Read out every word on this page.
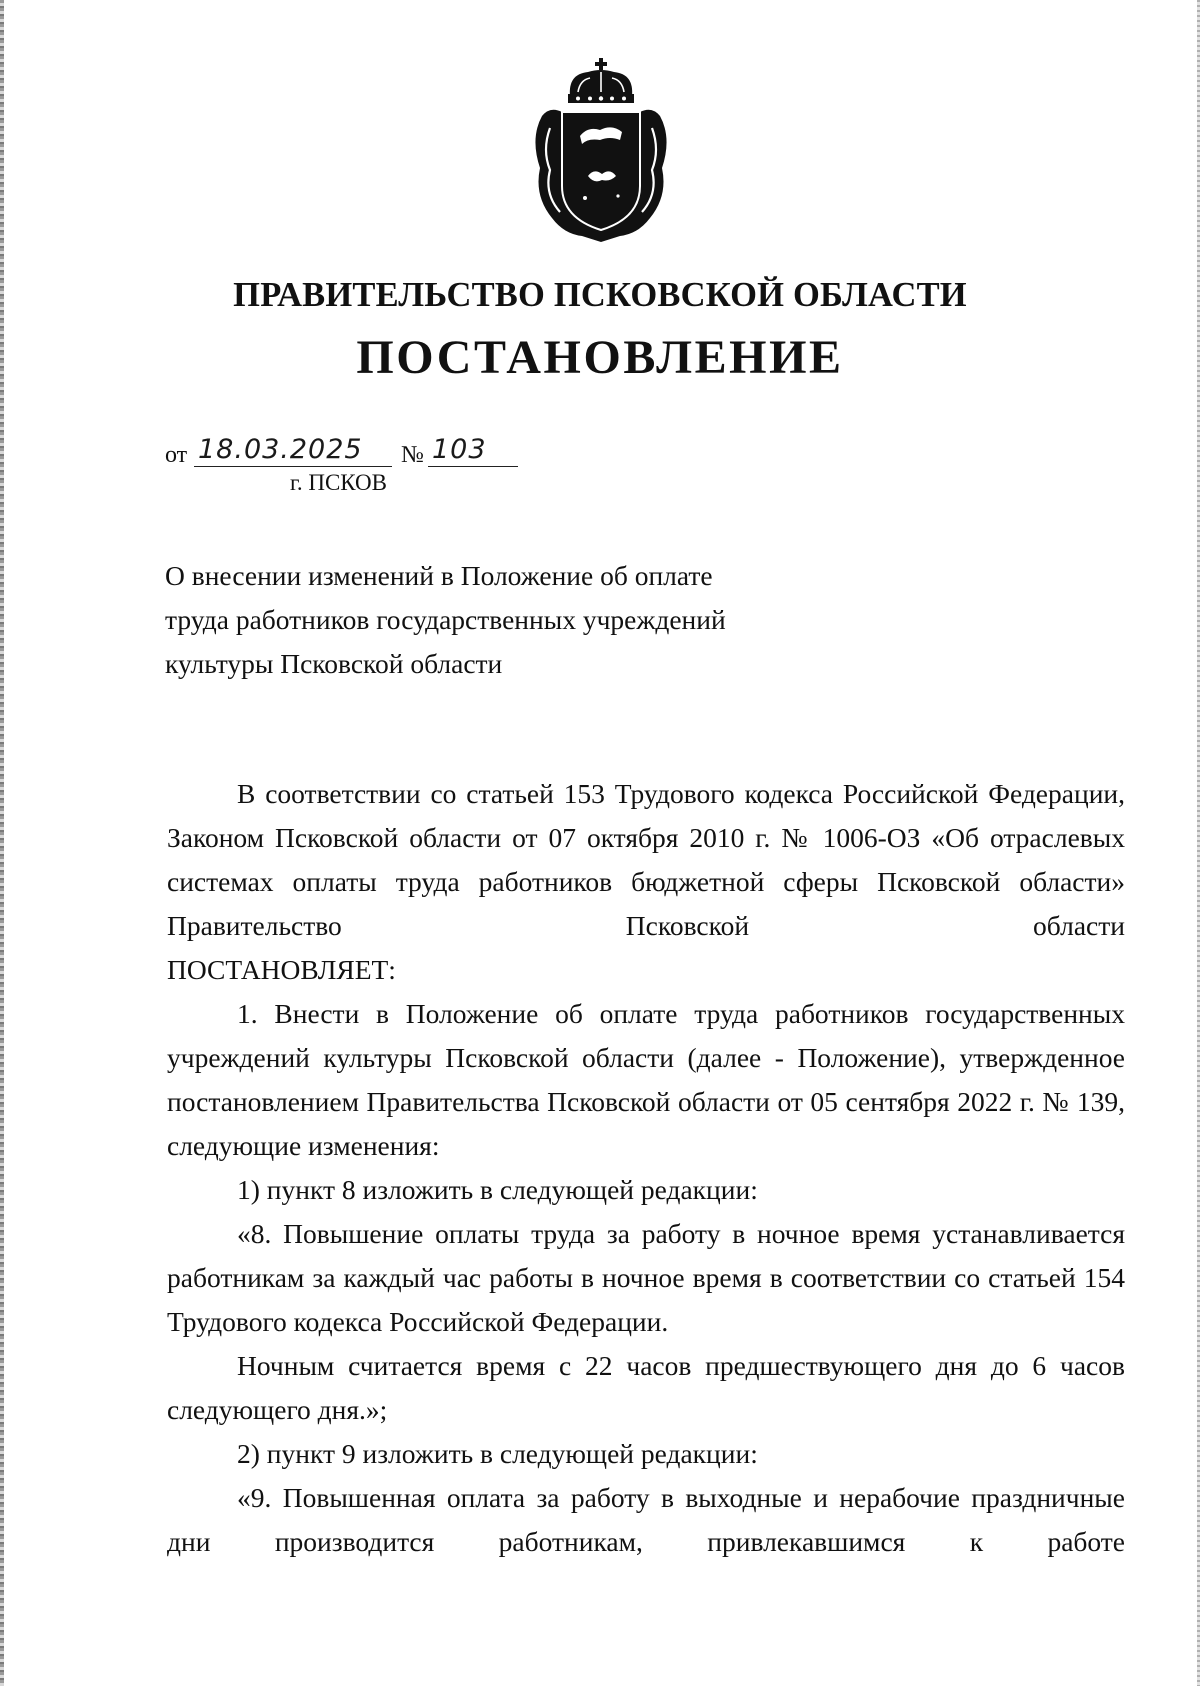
ПРАВИТЕЛЬСТВО ПСКОВСКОЙ ОБЛАСТИ
ПОСТАНОВЛЕНИЕ
от 18.03.2025 № 103
г. ПСКОВ
О внесении изменений в Положение об оплате
труда работников государственных учреждений
культуры Псковской области

В соответствии со статьей 153 Трудового кодекса Российской Федерации, Законом Псковской области от 07 октября 2010 г. № 1006-ОЗ «Об отраслевых системах оплаты труда работников бюджетной сферы Псковской области» Правительство Псковской области

ПОСТАНОВЛЯЕТ:

1. Внести в Положение об оплате труда работников государственных учреждений культуры Псковской области (далее - Положение), утвержденное постановлением Правительства Псковской области от 05 сентября 2022 г. № 139, следующие изменения:

1) пункт 8 изложить в следующей редакции:

«8. Повышение оплаты труда за работу в ночное время устанавливается работникам за каждый час работы в ночное время в соответствии со статьей 154 Трудового кодекса Российской Федерации.

Ночным считается время с 22 часов предшествующего дня до 6 часов следующего дня.»;

2) пункт 9 изложить в следующей редакции:

«9. Повышенная оплата за работу в выходные и нерабочие праздничные дни производится работникам, привлекавшимся к работе
